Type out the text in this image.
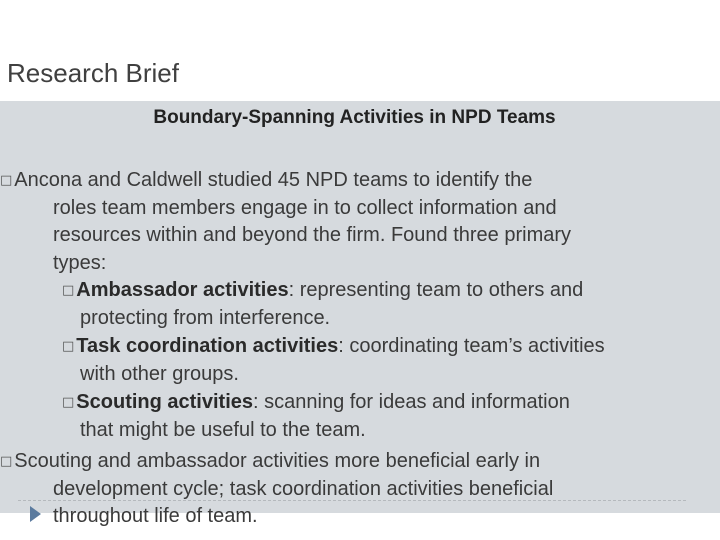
Research Brief
Boundary-Spanning Activities in NPD Teams
□ Ancona and Caldwell studied 45 NPD teams to identify the
roles team members engage in to collect information and
resources within and beyond the firm. Found three primary
types:
□ Ambassador activities: representing team to others and
protecting from interference.
□ Task coordination activities: coordinating team’s activities
with other groups.
□ Scouting activities: scanning for ideas and information
that might be useful to the team.
□ Scouting and ambassador activities more beneficial early in
development cycle; task coordination activities beneficial
throughout life of team.
